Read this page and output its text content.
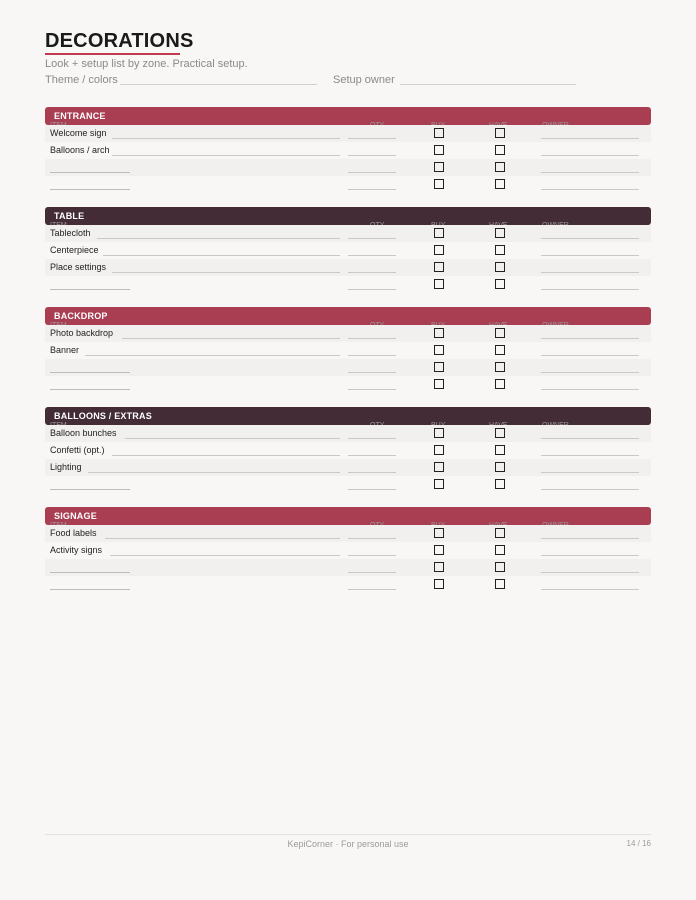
DECORATIONS
Look + setup list by zone. Practical setup.
Theme / colors	Setup owner
ENTRANCE
Welcome sign
Balloons / arch
TABLE
Tablecloth
Centerpiece
Place settings
BACKDROP
Photo backdrop
Banner
BALLOONS / EXTRAS
Balloon bunches
Confetti (opt.)
Lighting
SIGNAGE
Food labels
Activity signs
KepiCorner · For personal use	14 / 16
